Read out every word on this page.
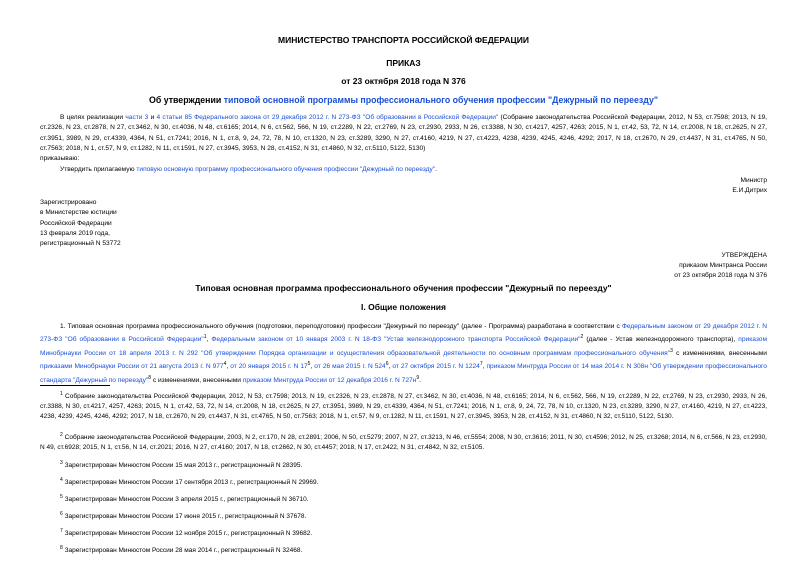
МИНИСТЕРСТВО ТРАНСПОРТА РОССИЙСКОЙ ФЕДЕРАЦИИ
ПРИКАЗ
от 23 октября 2018 года N 376
Об утверждении типовой основной программы профессионального обучения профессии "Дежурный по переезду"
В целях реализации части 3 и 4 статьи 85 Федерального закона от 29 декабря 2012 г. N 273-ФЗ "Об образовании в Российской Федерации" (Собрание законодательства Российской Федерации, 2012, N 53, ст.7598; 2013, N 19, ст.2326, N 23, ст.2878, N 27, ст.3462, N 30, ст.4036, N 48, ст.6165; 2014, N 6, ст.562, 566, N 19, ст.2289, N 22, ст.2769, N 23, ст.2930, 2933, N 26, ст.3388, N 30, ст.4217, 4257, 4263; 2015, N 1, ст.42, 53, 72, N 14, ст.2008, N 18, ст.2625, N 27, ст.3951, 3989, N 29, ст.4339, 4364, N 51, ст.7241; 2016, N 1, ст.8, 9, 24, 72, 78, N 10, ст.1320, N 23, ст.3289, 3290, N 27, ст.4160, 4219, N 27, ст.4223, 4238, 4239, 4245, 4246, 4292; 2017, N 18, ст.2670, N 29, ст.4437, N 31, ст.4765, N 50, ст.7563; 2018, N 1, ст.57, N 9, ст.1282, N 11, ст.1591, N 27, ст.3945, 3953, N 28, ст.4152, N 31, ст.4860, N 32, ст.5110, 5122, 5130)
приказываю:
Утвердить прилагаемую типовую основную программу профессионального обучения профессии "Дежурный по переезду".
Министр
Е.И.Дитрих
Зарегистрировано
в Министерстве юстиции
Российской Федерации
13 февраля 2019 года,
регистрационный N 53772
УТВЕРЖДЕНА
приказом Минтранса России
от 23 октября 2018 года N 376
Типовая основная программа профессионального обучения профессии "Дежурный по переезду"
I. Общие положения
1. Типовая основная программа профессионального обучения (подготовки, переподготовки) профессии "Дежурный по переезду" (далее - Программа) разработана в соответствии с Федеральным законом от 29 декабря 2012 г. N 273-ФЗ "Об образовании в Российской Федерации"$^1$, Федеральным законом от 10 января 2003 г. N 18-ФЗ "Устав железнодорожного транспорта Российской Федерации"$^2$ (далее - Устав железнодорожного транспорта), приказом Минобрнауки России от 18 апреля 2013 г. N 292 "Об утверждении Порядка организации и осуществления образовательной деятельности по основным программам профессионального обучения"$^3$ с изменениями, внесенными приказами Минобрнауки России от 21 августа 2013 г. N $977^4$, от 20 января 2015 г. N $17^5$, от 26 мая 2015 г. N $524^6$, от 27 октября 2015 г. N 1224$^7$, приказом Минтруда России от 14 мая 2014 г. N 308н "Об утверждении профессионального стандарта "Дежурный по переезду"$^8$ с изменениями, внесенными приказом Минтруда России от 12 декабря 2016 г. N $727н^9$.
$^1$ Собрание законодательства Российской Федерации, 2012, N 53, ст.7598; 2013, N 19, ст.2326, N 23, ст.2878, N 27, ст.3462, N 30, ст.4036, N 48, ст.6165; 2014, N 6, ст.562, 566, N 19, ст.2289, N 22, ст.2769, N 23, ст.2930, 2933, N 26, ст.3388, N 30, ст.4217, 4257, 4263; 2015, N 1, ст.42, 53, 72, N 14, ст.2008, N 18, ст.2625, N 27, ст.3951, 3989, N 29, ст.4339, 4364, N 51, ст.7241; 2016, N 1, ст.8, 9, 24, 72, 78, N 10, ст.1320, N 23, ст.3289, 3290, N 27, ст.4160, 4219, N 27, ст.4223, 4238, 4239, 4245, 4246, 4292; 2017, N 18, ст.2670, N 29, ст.4437, N 31, ст.4765, N 50, ст.7563; 2018, N 1, ст.57, N 9, ст.1282, N 11, ст.1591, N 27, ст.3945, 3953, N 28, ст.4152, N 31, ст.4860, N 32, ст.5110, 5122, 5130.
$^2$ Собрание законодательства Российской Федерации, 2003, N 2, ст.170, N 28, ст.2891; 2006, N 50, ст.5279; 2007, N 27, ст.3213, N 46, ст.5554; 2008, N 30, ст.3616; 2011, N 30, ст.4596; 2012, N 25, ст.3268; 2014, N 6, ст.566, N 23, ст.2930, N 49, ст.6928; 2015, N 1, ст.56, N 14, ст.2021; 2016, N 27, ст.4160; 2017, N 18, ст.2662, N 30, ст.4457; 2018, N 17, ст.2422, N 31, ст.4842, N 32, ст.5105.
$^3$ Зарегистрирован Минюстом России 15 мая 2013 г., регистрационный N 28395.
$^4$ Зарегистрирован Минюстом России 17 сентября 2013 г., регистрационный N 29969.
$^5$ Зарегистрирован Минюстом России 3 апреля 2015 г., регистрационный N 36710.
$^6$ Зарегистрирован Минюстом России 17 июня 2015 г., регистрационный N 37678.
$^7$ Зарегистрирован Минюстом России 12 ноября 2015 г., регистрационный N 39682.
$^8$ Зарегистрирован Минюстом России 28 мая 2014 г., регистрационный N 32468.
